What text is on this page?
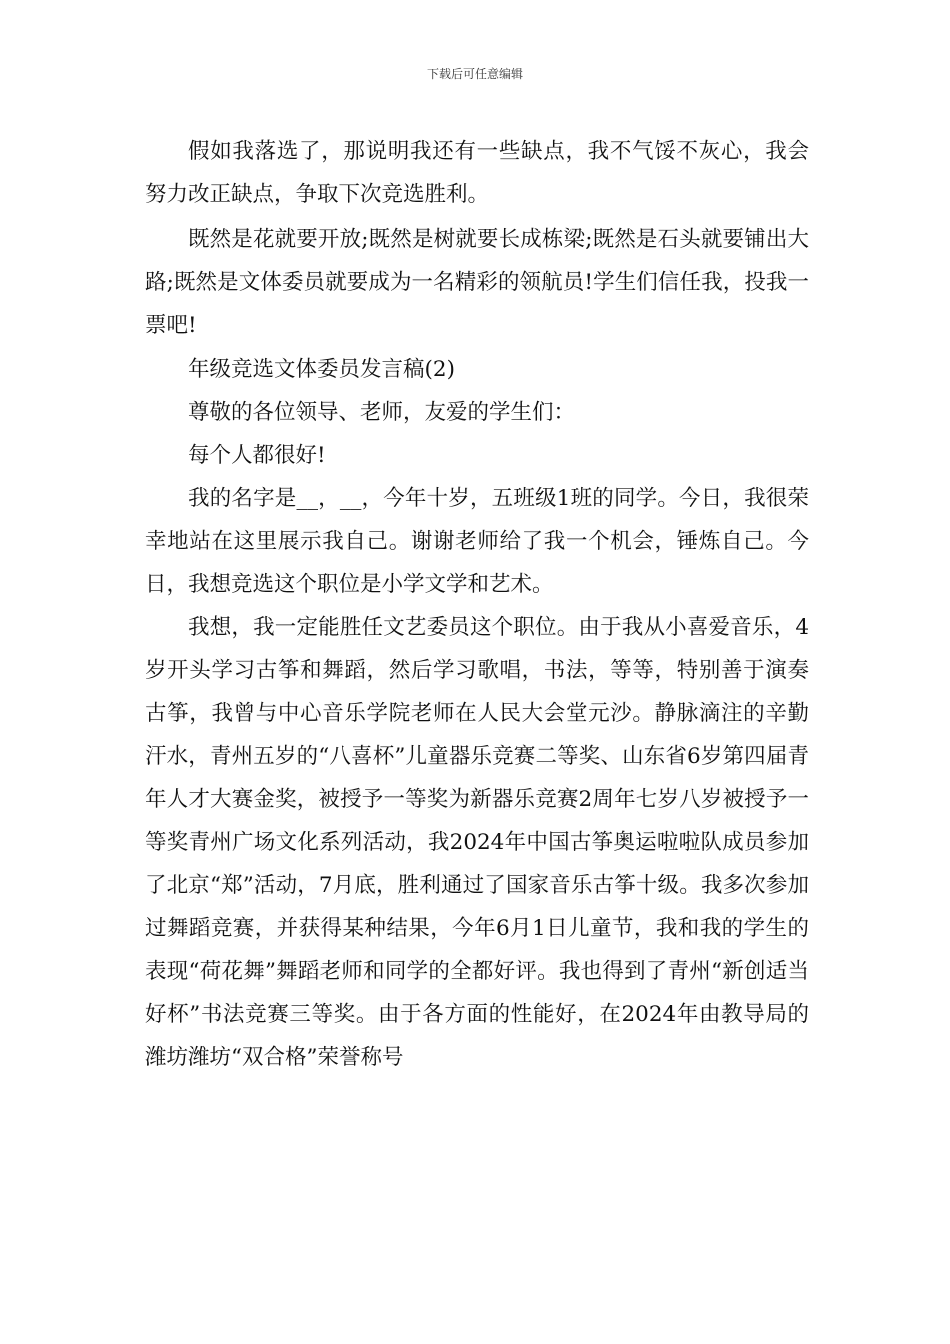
下载后可任意编辑

假如我落选了，那说明我还有一些缺点，我不气馁不灰心，我会努力改正缺点，争取下次竞选胜利。

既然是花就要开放;既然是树就要长成栋梁;既然是石头就要铺出大路;既然是文体委员就要成为一名精彩的领航员!学生们信任我，投我一票吧!

年级竞选文体委员发言稿(2)

尊敬的各位领导、老师，友爱的学生们：

每个人都很好!

我的名字是__，__，今年十岁，五班级1班的同学。今日，我很荣幸地站在这里展示我自己。谢谢老师给了我一个机会，锤炼自己。今日，我想竞选这个职位是小学文学和艺术。

我想，我一定能胜任文艺委员这个职位。由于我从小喜爱音乐，4岁开头学习古筝和舞蹈，然后学习歌唱，书法，等等，特别善于演奏古筝，我曾与中心音乐学院老师在人民大会堂元沙。静脉滴注的辛勤汗水，青州五岁的“八喜杯”儿童器乐竞赛二等奖、山东省6岁第四届青年人才大赛金奖，被授予一等奖为新器乐竞赛2周年七岁八岁被授予一等奖青州广场文化系列活动，我2024年中国古筝奥运啦啦队成员参加了北京“郑”活动，7月底，胜利通过了国家音乐古筝十级。我多次参加过舞蹈竞赛，并获得某种结果，今年6月1日儿童节，我和我的学生的表现“荷花舞”舞蹈老师和同学的全都好评。我也得到了青州“新创适当好杯”书法竞赛三等奖。由于各方面的性能好，在2024年由教导局的潍坊潍坊“双合格”荣誉称号
